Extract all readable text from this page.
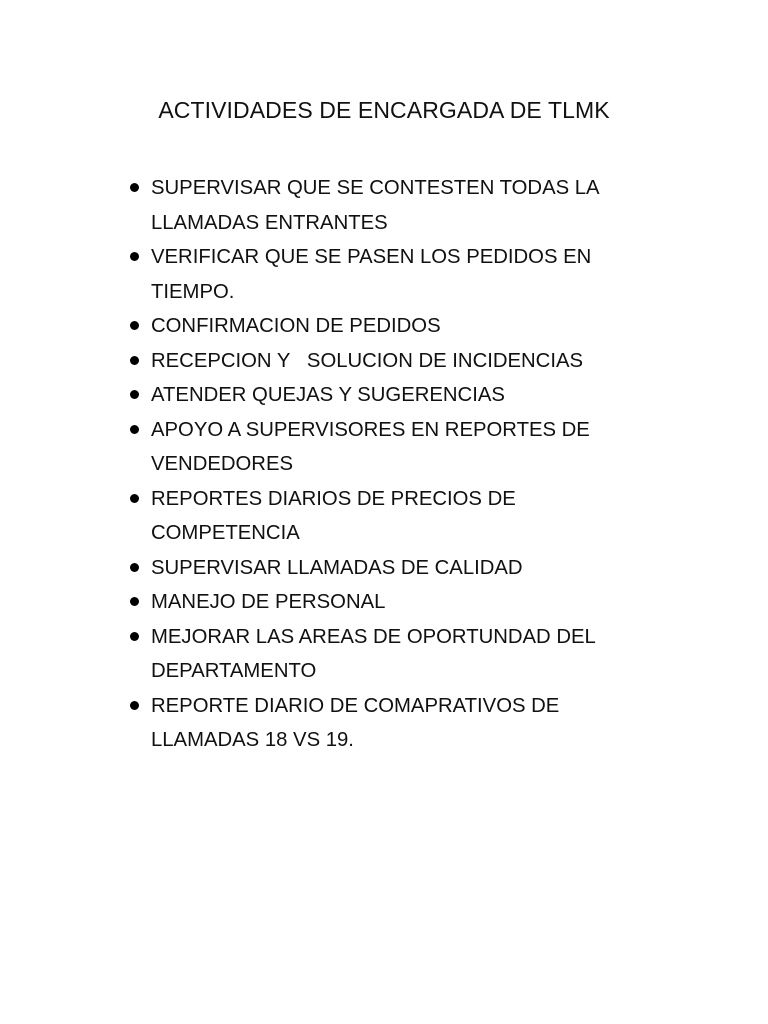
ACTIVIDADES DE ENCARGADA DE TLMK
SUPERVISAR QUE SE CONTESTEN TODAS LA LLAMADAS ENTRANTES
VERIFICAR QUE SE PASEN LOS PEDIDOS EN TIEMPO.
CONFIRMACION DE PEDIDOS
RECEPCION Y   SOLUCION DE INCIDENCIAS
ATENDER QUEJAS Y SUGERENCIAS
APOYO A SUPERVISORES EN REPORTES DE VENDEDORES
REPORTES DIARIOS DE PRECIOS DE COMPETENCIA
SUPERVISAR LLAMADAS DE CALIDAD
MANEJO DE PERSONAL
MEJORAR LAS AREAS DE OPORTUNDAD DEL DEPARTAMENTO
REPORTE DIARIO DE COMAPRATIVOS DE LLAMADAS 18 VS 19.
